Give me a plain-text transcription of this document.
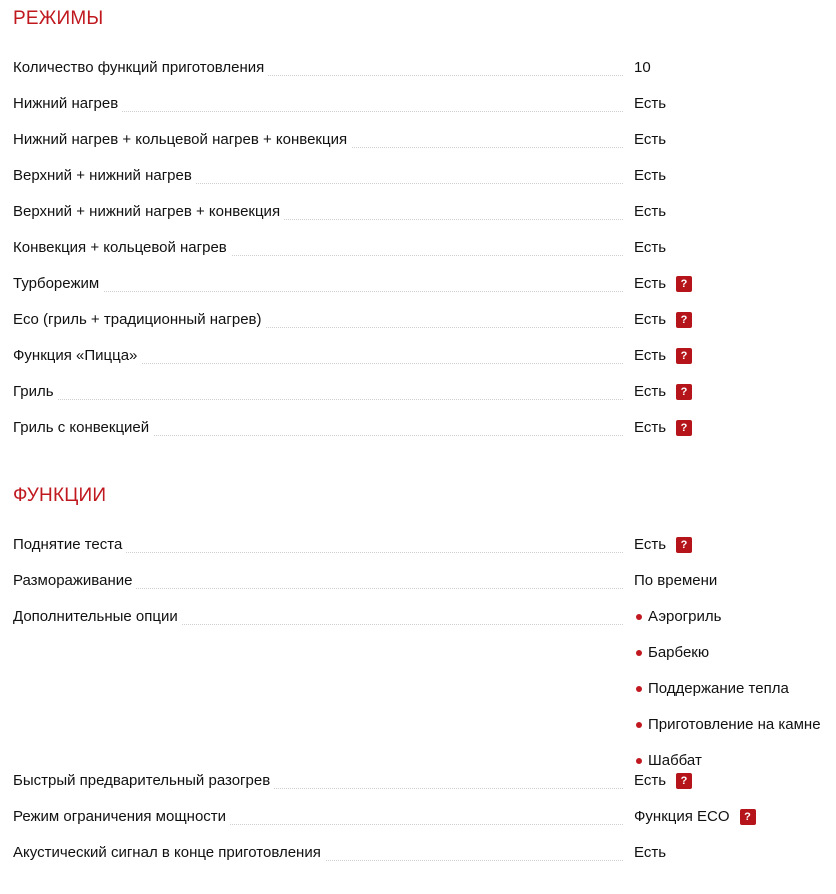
РЕЖИМЫ
Количество функций приготовления	10
Нижний нагрев	Есть
Нижний нагрев + кольцевой нагрев + конвекция	Есть
Верхний + нижний нагрев	Есть
Верхний + нижний нагрев + конвекция	Есть
Конвекция + кольцевой нагрев	Есть
Турборежим	Есть	?
Eco (гриль + традиционный нагрев)	Есть	?
Функция «Пицца»	Есть	?
Гриль	Есть	?
Гриль с конвекцией	Есть	?
ФУНКЦИИ
Поднятие теста	Есть	?
Размораживание	По времени
Дополнительные опции	Аэрогриль
Барбекю
Поддержание тепла
Приготовление на камне
Шаббат
Быстрый предварительный разогрев	Есть	?
Режим ограничения мощности	Функция ECO	?
Акустический сигнал в конце приготовления	Есть
